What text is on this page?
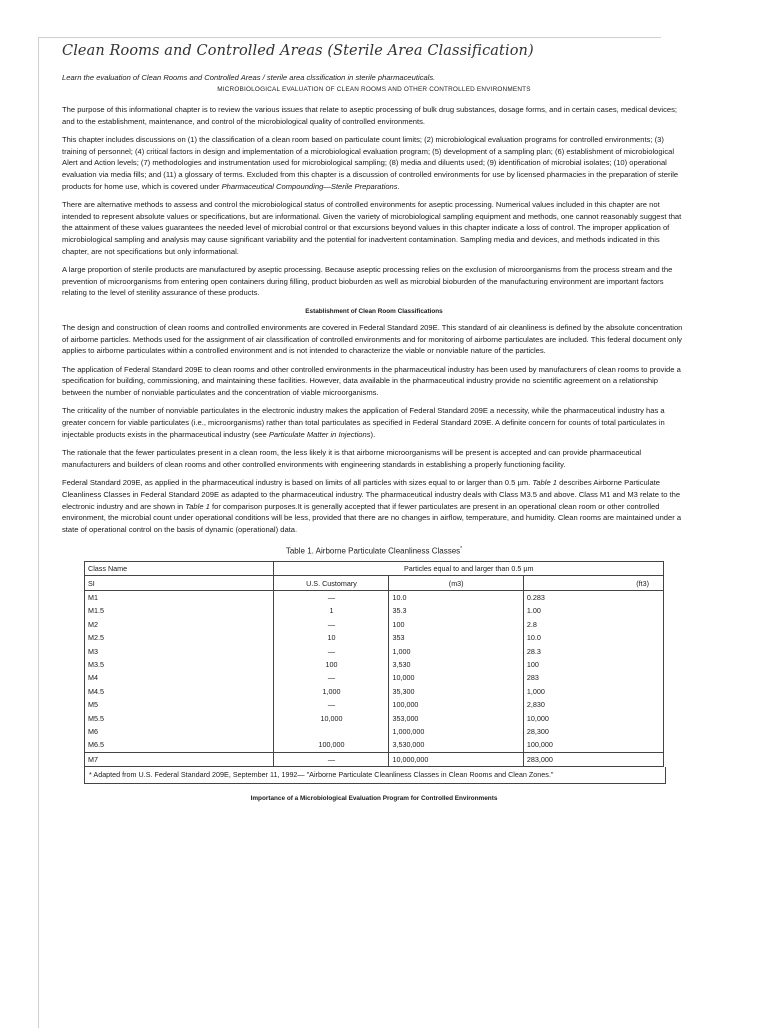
Clean Rooms and Controlled Areas (Sterile Area Classification)
Learn the evaluation of Clean Rooms and Controlled Areas / sterile area clssification in sterile pharmaceuticals.
MICROBIOLOGICAL EVALUATION OF CLEAN ROOMS AND OTHER CONTROLLED ENVIRONMENTS

The purpose of this informational chapter is to review the various issues that relate to aseptic processing of bulk drug substances, dosage forms, and in certain cases, medical devices; and to the establishment, maintenance, and control of the microbiological quality of controlled environments.

This chapter includes discussions on (1) the classification of a clean room based on particulate count limits; (2) microbiological evaluation programs for controlled environments; (3) training of personnel; (4) critical factors in design and implementation of a microbiological evaluation program; (5) development of a sampling plan; (6) establishment of microbiological Alert and Action levels; (7) methodologies and instrumentation used for microbiological sampling; (8) media and diluents used; (9) identification of microbial isolates; (10) operational evaluation via media fills; and (11) a glossary of terms. Excluded from this chapter is a discussion of controlled environments for use by licensed pharmacies in the preparation of sterile products for home use, which is covered under Pharmaceutical Compounding—Sterile Preparations.

There are alternative methods to assess and control the microbiological status of controlled environments for aseptic processing. Numerical values included in this chapter are not intended to represent absolute values or specifications, but are informational. Given the variety of microbiological sampling equipment and methods, one cannot reasonably suggest that the attainment of these values guarantees the needed level of microbial control or that excursions beyond values in this chapter indicate a loss of control. The improper application of microbiological sampling and analysis may cause significant variability and the potential for inadvertent contamination. Sampling media and devices, and methods indicated in this chapter, are not specifications but only informational.

A large proportion of sterile products are manufactured by aseptic processing. Because aseptic processing relies on the exclusion of microorganisms from the process stream and the prevention of microorganisms from entering open containers during filling, product bioburden as well as microbial bioburden of the manufacturing environment are important factors relating to the level of sterility assurance of these products.

Establishment of Clean Room Classifications

The design and construction of clean rooms and controlled environments are covered in Federal Standard 209E. This standard of air cleanliness is defined by the absolute concentration of airborne particles. Methods used for the assignment of air classification of controlled environments and for monitoring of airborne particulates are included. This federal document only applies to airborne particulates within a controlled environment and is not intended to characterize the viable or nonviable nature of the particles.

The application of Federal Standard 209E to clean rooms and other controlled environments in the pharmaceutical industry has been used by manufacturers of clean rooms to provide a specification for building, commissioning, and maintaining these facilities. However, data available in the pharmaceutical industry provide no scientific agreement on a relationship between the number of nonviable particulates and the concentration of viable microorganisms.

The criticality of the number of nonviable particulates in the electronic industry makes the application of Federal Standard 209E a necessity, while the pharmaceutical industry has a greater concern for viable particulates (i.e., microorganisms) rather than total particulates as specified in Federal Standard 209E. A definite concern for counts of total particulates in injectable products exists in the pharmaceutical industry (see Particulate Matter in Injections).

The rationale that the fewer particulates present in a clean room, the less likely it is that airborne microorganisms will be present is accepted and can provide pharmaceutical manufacturers and builders of clean rooms and other controlled environments with engineering standards in establishing a properly functioning facility.

Federal Standard 209E, as applied in the pharmaceutical industry is based on limits of all particles with sizes equal to or larger than 0.5 µm. Table 1 describes Airborne Particulate Cleanliness Classes in Federal Standard 209E as adapted to the pharmaceutical industry. The pharmaceutical industry deals with Class M3.5 and above. Class M1 and M3 relate to the electronic industry and are shown in Table 1 for comparison purposes.It is generally accepted that if fewer particulates are present in an operational clean room or other controlled environment, the microbial count under operational conditions will be less, provided that there are no changes in airflow, temperature, and humidity. Clean rooms are maintained under a state of operational control on the basis of dynamic (operational) data.

Table 1. Airborne Particulate Cleanliness Classes*
Class Name	Particles equal to and larger than 0.5 µm		
SI	U.S. Customary	(m3)	(ft3)
M1	—	10.0	0.283
M1.5	1	35.3	1.00
M2	—	100	2.8
M2.5	10	353	10.0
M3	—	1,000	28.3
M3.5	100	3,530	100
M4	—	10,000	283
M4.5	1,000	35,300	1,000
M5	—	100,000	2,830
M5.5	10,000	353,000	10,000
M6		1,000,000	28,300
M6.5	100,000	3,530,000	100,000
M7	—	10,000,000	283,000
* Adapted from U.S. Federal Standard 209E, September 11, 1992— "Airborne Particulate Cleanliness Classes in Clean Rooms and Clean Zones."
Importance of a Microbiological Evaluation Program for Controlled Environments
